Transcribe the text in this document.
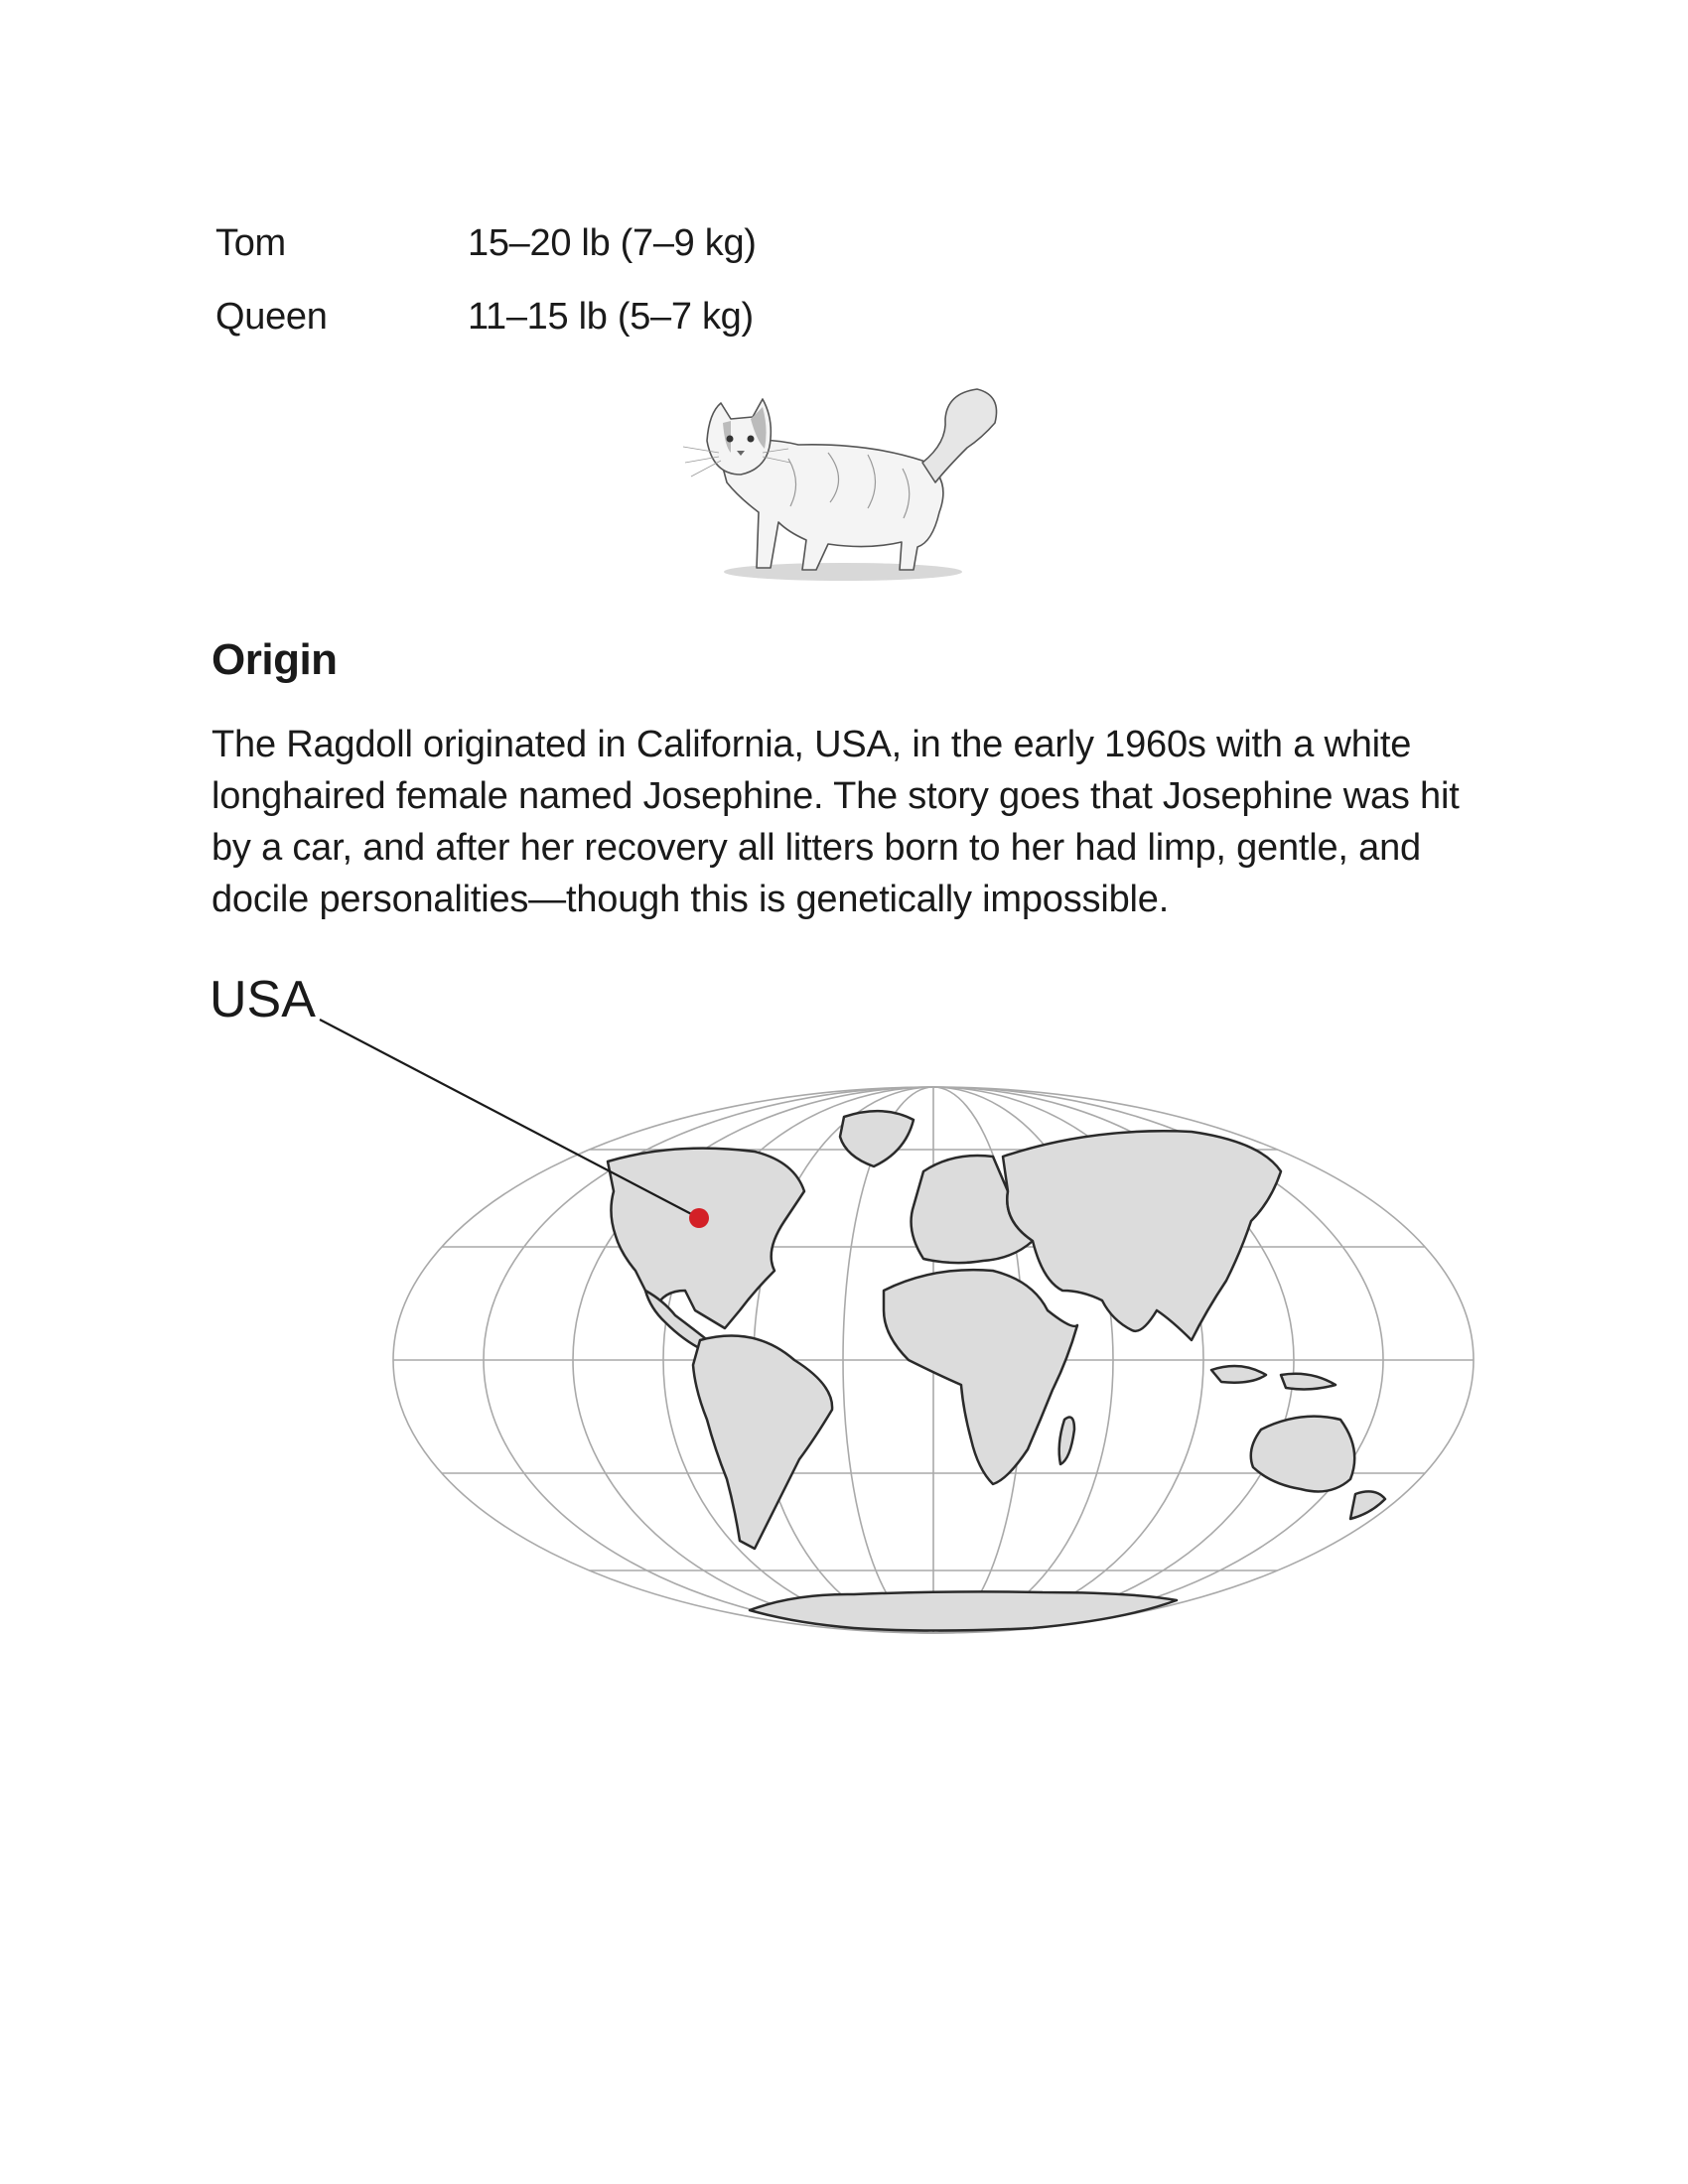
Tom	15–20 lb (7–9 kg)
Queen	11–15 lb (5–7 kg)
Origin

The Ragdoll originated in California, USA, in the early 1960s with a white longhaired female named Josephine. The story goes that Josephine was hit by a car, and after her recovery all litters born to her had limp, gentle, and docile personalities—though this is genetically impossible.

USA
